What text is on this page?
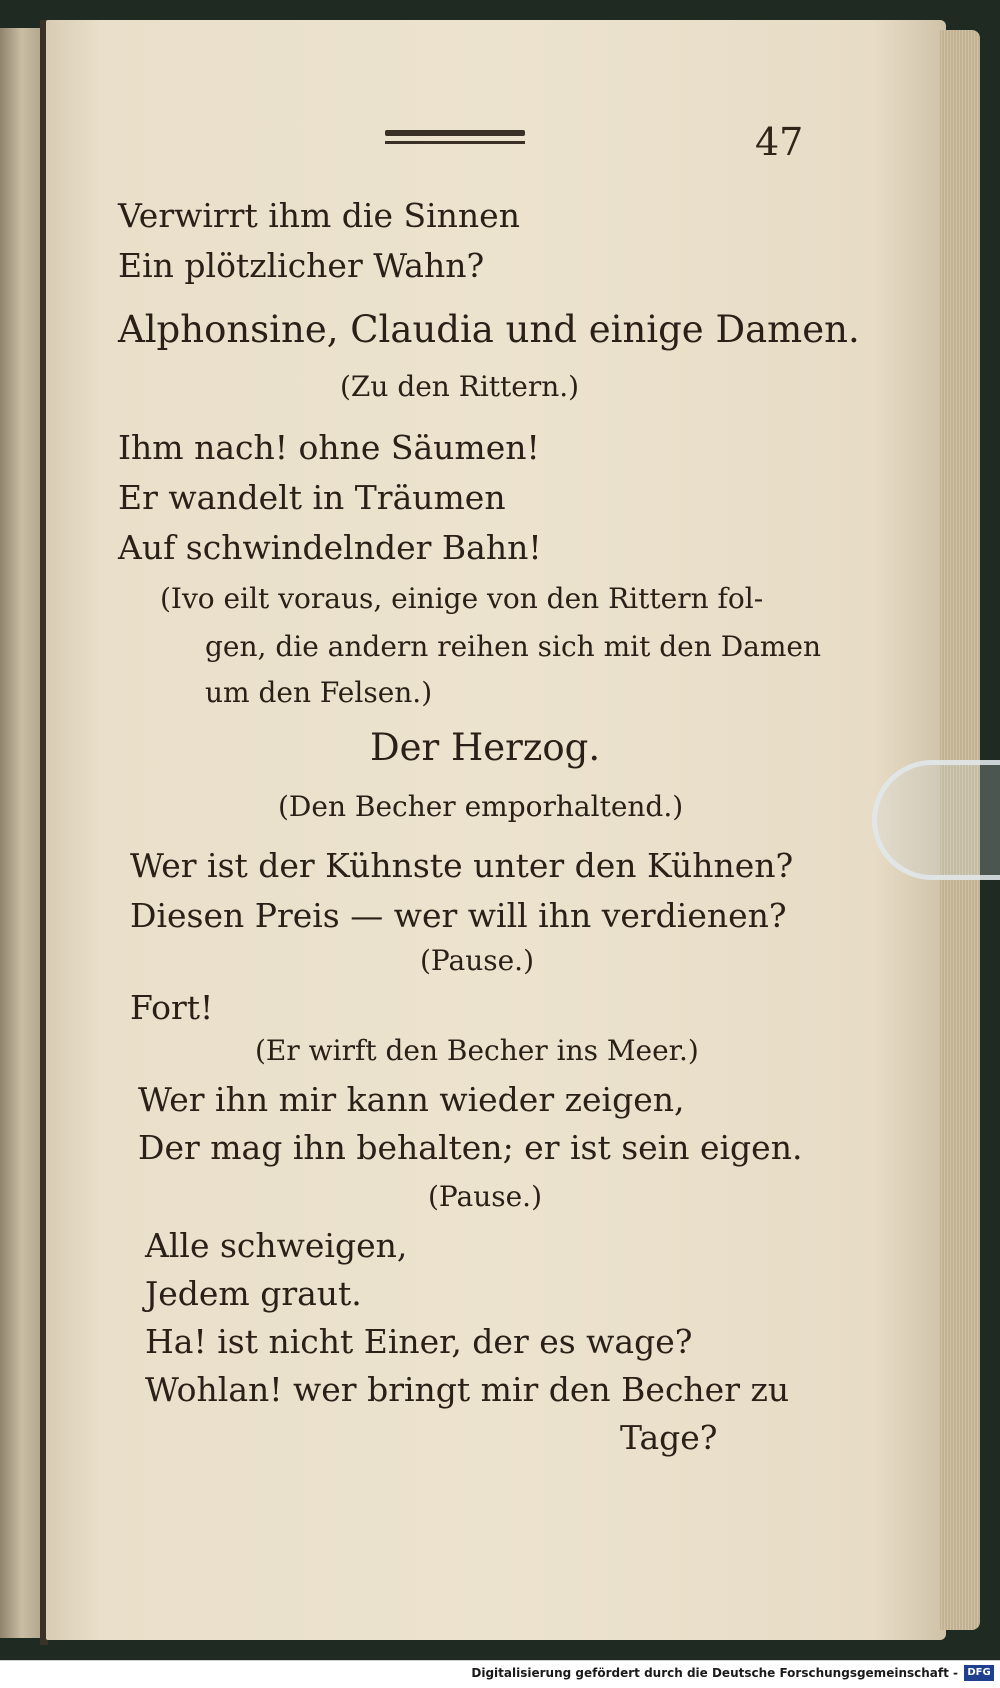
47
Verwirrt ihm die Sinnen
Ein plötzlicher Wahn?
Alphonsine, Claudia und einige Damen.
(Zu den Rittern.)
Ihm nach! ohne Säumen!
Er wandelt in Träumen
Auf schwindelnder Bahn!
(Ivo eilt voraus, einige von den Rittern fol-
gen, die andern reihen sich mit den Damen
um den Felsen.)
Der Herzog.
(Den Becher emporhaltend.)
Wer ist der Kühnste unter den Kühnen?
Diesen Preis — wer will ihn verdienen?
(Pause.)
Fort!
(Er wirft den Becher ins Meer.)
Wer ihn mir kann wieder zeigen,
Der mag ihn behalten; er ist sein eigen.
(Pause.)
Alle schweigen,
Jedem graut.
Ha! ist nicht Einer, der es wage?
Wohlan! wer bringt mir den Becher zu
Tage?
Digitalisierung gefördert durch die Deutsche Forschungsgemeinschaft - DFG
